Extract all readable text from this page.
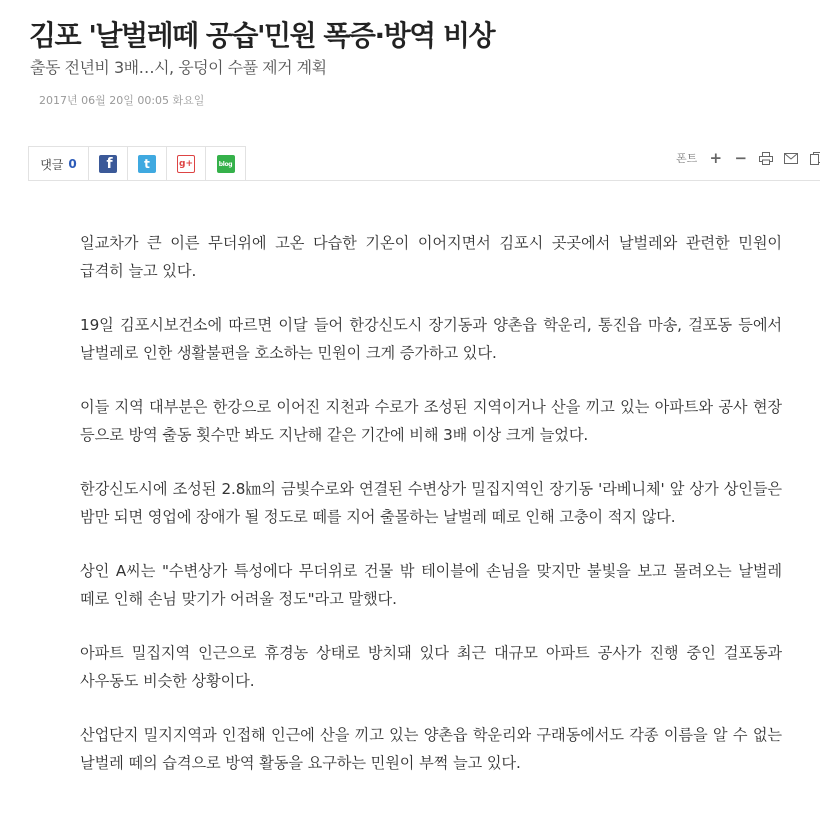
김포 '날벌레떼 공습'민원 폭증·방역 비상

출동 전년비 3배…시, 웅덩이 수풀 제거 계획

2017년 06월 20일 00:05 화요일
댓글 0	f	t	g+	blog	폰트 + −

일교차가 큰 이른 무더위에 고온 다습한 기온이 이어지면서 김포시 곳곳에서 날벌레와 관련한 민원이 급격히 늘고 있다.

19일 김포시보건소에 따르면 이달 들어 한강신도시 장기동과 양촌읍 학운리, 통진읍 마송, 걸포동 등에서 날벌레로 인한 생활불편을 호소하는 민원이 크게 증가하고 있다.

이들 지역 대부분은 한강으로 이어진 지천과 수로가 조성된 지역이거나 산을 끼고 있는 아파트와 공사 현장 등으로 방역 출동 횟수만 봐도 지난해 같은 기간에 비해 3배 이상 크게 늘었다.

한강신도시에 조성된 2.8㎞의 금빛수로와 연결된 수변상가 밀집지역인 장기동 '라베니체' 앞 상가 상인들은 밤만 되면 영업에 장애가 될 정도로 떼를 지어 출몰하는 날벌레 떼로 인해 고충이 적지 않다.

상인 A씨는 "수변상가 특성에다 무더위로 건물 밖 테이블에 손님을 맞지만 불빛을 보고 몰려오는 날벌레 떼로 인해 손님 맞기가 어려울 정도"라고 말했다.

아파트 밀집지역 인근으로 휴경농 상태로 방치돼 있다 최근 대규모 아파트 공사가 진행 중인 걸포동과 사우동도 비슷한 상황이다.

산업단지 밀지지역과 인접해 인근에 산을 끼고 있는 양촌읍 학운리와 구래동에서도 각종 이름을 알 수 없는 날벌레 떼의 습격으로 방역 활동을 요구하는 민원이 부쩍 늘고 있다.
